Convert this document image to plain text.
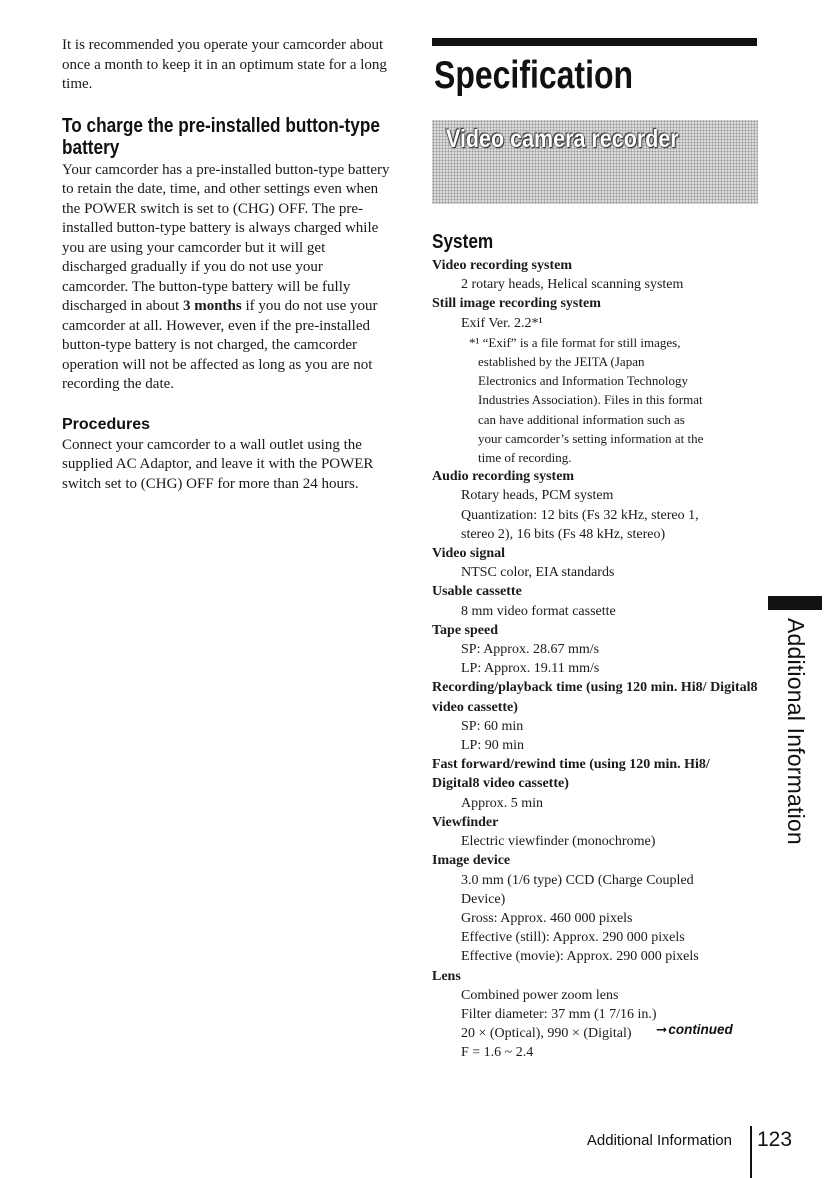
It is recommended you operate your camcorder about once a month to keep it in an optimum state for a long time.

To charge the pre-installed button-type battery

Your camcorder has a pre-installed button-type battery to retain the date, time, and other settings even when the POWER switch is set to (CHG) OFF. The pre-installed button-type battery is always charged while you are using your camcorder but it will get discharged gradually if you do not use your camcorder. The button-type battery will be fully discharged in about 3 months if you do not use your camcorder at all. However, even if the pre-installed button-type battery is not charged, the camcorder operation will not be affected as long as you are not recording the date.

Procedures

Connect your camcorder to a wall outlet using the supplied AC Adaptor, and leave it with the POWER switch set to (CHG) OFF for more than 24 hours.

Specification
Video camera recorder
System
Video recording system
2 rotary heads, Helical scanning system
Still image recording system
Exif Ver. 2.2*¹
*¹ “Exif” is a file format for still images,
established by the JEITA (Japan
Electronics and Information Technology
Industries Association). Files in this format
can have additional information such as
your camcorder’s setting information at the
time of recording.
Audio recording system
Rotary heads, PCM system
Quantization: 12 bits (Fs 32 kHz, stereo 1,
stereo 2), 16 bits (Fs 48 kHz, stereo)
Video signal
NTSC color, EIA standards
Usable cassette
8 mm video format cassette
Tape speed
SP: Approx. 28.67 mm/s
LP: Approx. 19.11 mm/s
Recording/playback time (using 120 min. Hi8/ Digital8 video cassette)
SP: 60 min
LP: 90 min
Fast forward/rewind time (using 120 min. Hi8/ Digital8 video cassette)
Approx. 5 min
Viewfinder
Electric viewfinder (monochrome)
Image device
3.0 mm (1/6 type) CCD (Charge Coupled
Device)
Gross: Approx. 460 000 pixels
Effective (still): Approx. 290 000 pixels
Effective (movie): Approx. 290 000 pixels
Lens
Combined power zoom lens
Filter diameter: 37 mm (1 7/16 in.)
20 × (Optical), 990 × (Digital)
F = 1.6 ~ 2.4
Additional Information
➞continued
Additional Information 123
